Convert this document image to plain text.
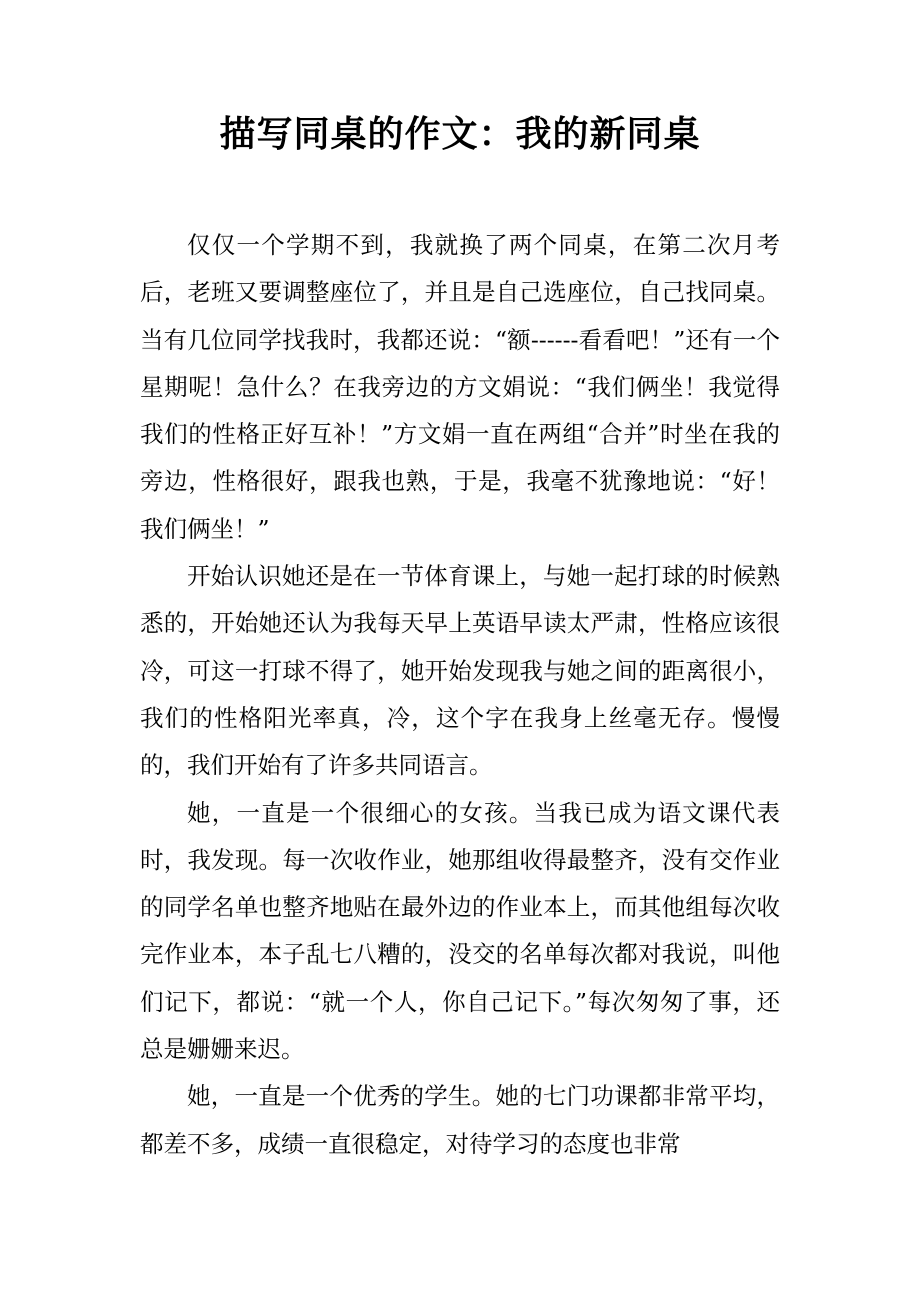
描写同桌的作文：我的新同桌

仅仅一个学期不到，我就换了两个同桌，在第二次月考后，老班又要调整座位了，并且是自己选座位，自己找同桌。当有几位同学找我时，我都还说：“额------看看吧！”还有一个星期呢！急什么？在我旁边的方文娟说：“我们俩坐！我觉得我们的性格正好互补！”方文娟一直在两组“合并”时坐在我的旁边，性格很好，跟我也熟，于是，我毫不犹豫地说：“好！我们俩坐！”

开始认识她还是在一节体育课上，与她一起打球的时候熟悉的，开始她还认为我每天早上英语早读太严肃，性格应该很冷，可这一打球不得了，她开始发现我与她之间的距离很小，我们的性格阳光率真，冷，这个字在我身上丝毫无存。慢慢的，我们开始有了许多共同语言。

她，一直是一个很细心的女孩。当我已成为语文课代表时，我发现。每一次收作业，她那组收得最整齐，没有交作业的同学名单也整齐地贴在最外边的作业本上，而其他组每次收完作业本，本子乱七八糟的，没交的名单每次都对我说，叫他们记下，都说：“就一个人，你自己记下。”每次匆匆了事，还总是姗姗来迟。

她，一直是一个优秀的学生。她的七门功课都非常平均，都差不多，成绩一直很稳定，对待学习的态度也非常
